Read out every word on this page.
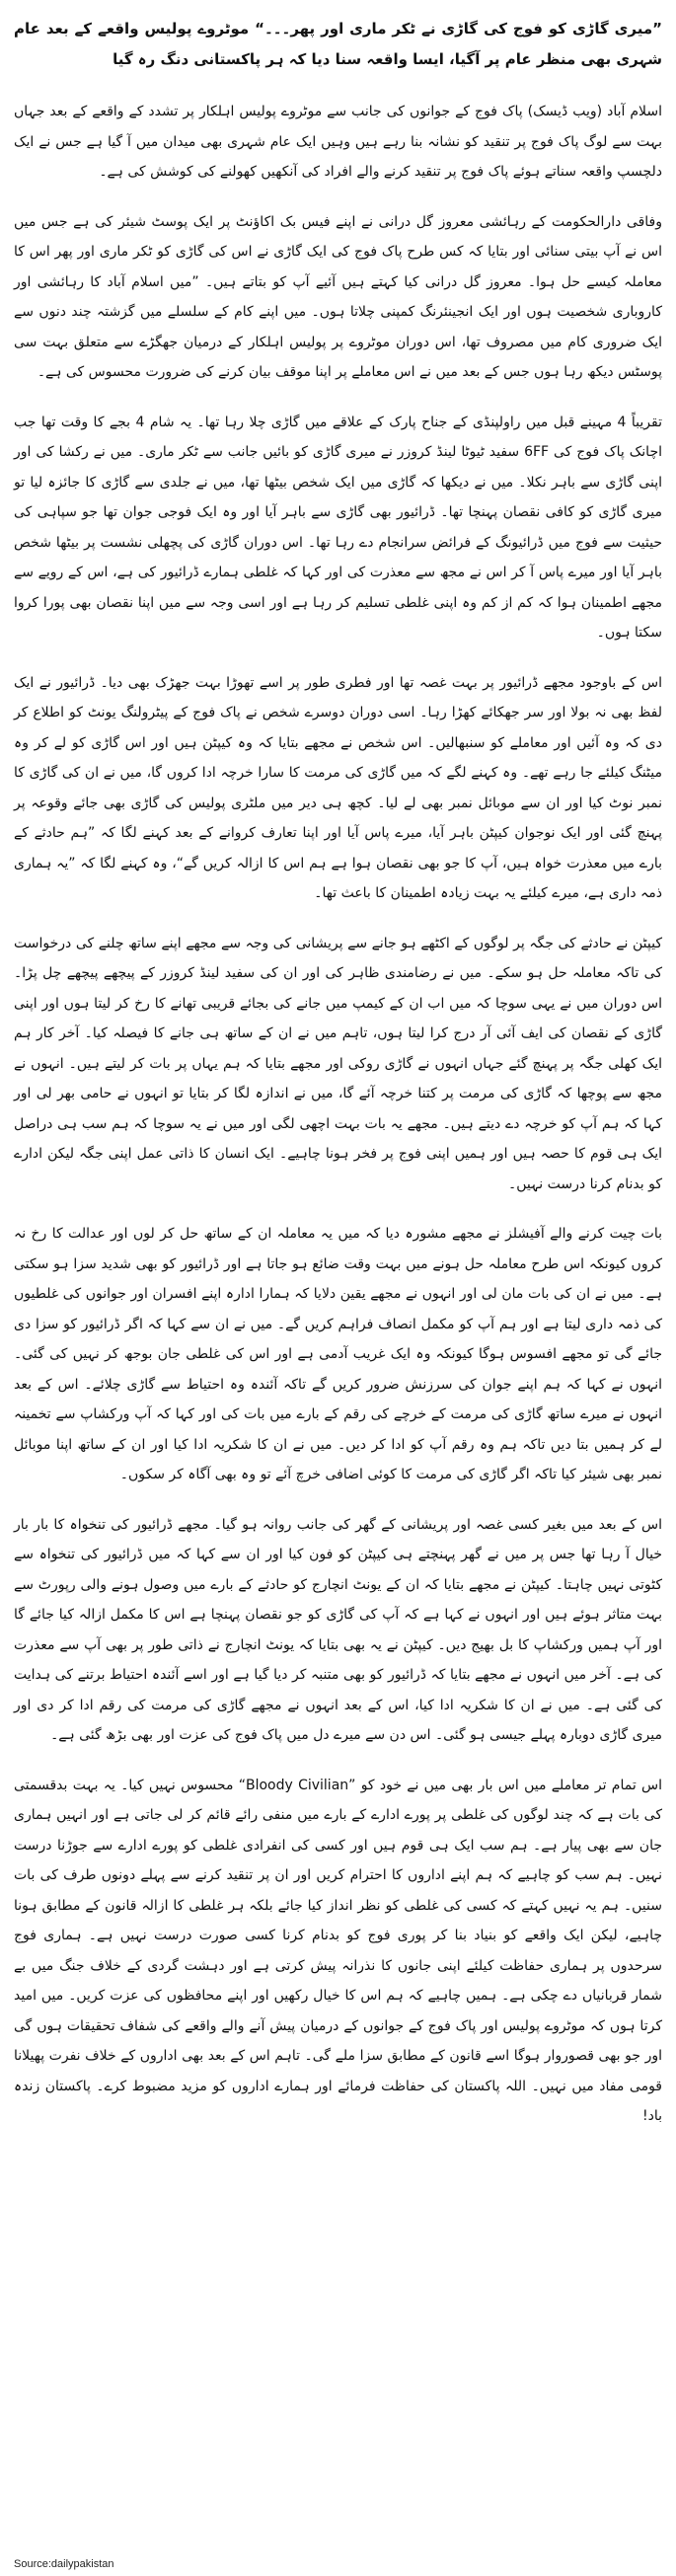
”میری گاڑی کو فوج کی گاڑی نے ٹکر ماری اور پھر۔۔۔“ موٹروے پولیس واقعے کے بعد عام شہری بھی منظر عام پر آگیا، ایسا واقعہ سنا دیا کہ ہر پاکستانی دنگ رہ گیا

اسلام آباد (ویب ڈیسک) پاک فوج کے جوانوں کی جانب سے موٹروے پولیس اہلکار پر تشدد کے واقعے کے بعد جہاں بہت سے لوگ پاک فوج پر تنقید کو نشانہ بنا رہے ہیں وہیں ایک عام شہری بھی میدان میں آ گیا ہے جس نے ایک دلچسپ واقعہ سناتے ہوئے پاک فوج پر تنقید کرنے والے افراد کی آنکھیں کھولنے کی کوشش کی ہے۔

وفاقی دارالحکومت کے رہائشی معروز گل درانی نے اپنے فیس بک اکاؤنٹ پر ایک پوسٹ شیئر کی ہے جس میں اس نے آپ بیتی سنائی اور بتایا کہ کس طرح پاک فوج کی ایک گاڑی نے اس کی گاڑی کو ٹکر ماری اور پھر اس کا معاملہ کیسے حل ہوا۔ معروز گل درانی کیا کہتے ہیں آئیے آپ کو بتاتے ہیں۔ ”میں اسلام آباد کا رہائشی اور کاروباری شخصیت ہوں اور ایک انجینئرنگ کمپنی چلاتا ہوں۔ میں اپنے کام کے سلسلے میں گزشتہ چند دنوں سے ایک ضروری کام میں مصروف تھا، اس دوران موٹروے پر پولیس اہلکار کے درمیان جھگڑے سے متعلق بہت سی پوسٹس دیکھ رہا ہوں جس کے بعد میں نے اس معاملے پر اپنا موقف بیان کرنے کی ضرورت محسوس کی ہے۔

تقریباً 4 مہینے قبل میں راولپنڈی کے جناح پارک کے علاقے میں گاڑی چلا رہا تھا۔ یہ شام 4 بجے کا وقت تھا جب اچانک پاک فوج کی 6FF سفید ٹیوٹا لینڈ کروزر نے میری گاڑی کو بائیں جانب سے ٹکر ماری۔ میں نے رکشا کی اور اپنی گاڑی سے باہر نکلا۔ میں نے دیکھا کہ گاڑی میں ایک شخص بیٹھا تھا، میں نے جلدی سے گاڑی کا جائزہ لیا تو میری گاڑی کو کافی نقصان پہنچا تھا۔ ڈرائیور بھی گاڑی سے باہر آیا اور وہ ایک فوجی جوان تھا جو سپاہی کی حیثیت سے فوج میں ڈرائیونگ کے فرائض سرانجام دے رہا تھا۔ اس دوران گاڑی کی پچھلی نشست پر بیٹھا شخص باہر آیا اور میرے پاس آ کر اس نے مجھ سے معذرت کی اور کہا کہ غلطی ہمارے ڈرائیور کی ہے، اس کے رویے سے مجھے اطمینان ہوا کہ کم از کم وہ اپنی غلطی تسلیم کر رہا ہے اور اسی وجہ سے میں اپنا نقصان بھی پورا کروا سکتا ہوں۔

اس کے باوجود مجھے ڈرائیور پر بہت غصہ تھا اور فطری طور پر اسے تھوڑا بہت جھڑک بھی دیا۔ ڈرائیور نے ایک لفظ بھی نہ بولا اور سر جھکائے کھڑا رہا۔ اسی دوران دوسرے شخص نے پاک فوج کے پیٹرولنگ یونٹ کو اطلاع کر دی کہ وہ آئیں اور معاملے کو سنبھالیں۔ اس شخص نے مجھے بتایا کہ وہ کیپٹن ہیں اور اس گاڑی کو لے کر وہ میٹنگ کیلئے جا رہے تھے۔ وہ کہنے لگے کہ میں گاڑی کی مرمت کا سارا خرچہ ادا کروں گا، میں نے ان کی گاڑی کا نمبر نوٹ کیا اور ان سے موبائل نمبر بھی لے لیا۔ کچھ ہی دیر میں ملٹری پولیس کی گاڑی بھی جائے وقوعہ پر پہنچ گئی اور ایک نوجوان کیپٹن باہر آیا، میرے پاس آیا اور اپنا تعارف کروانے کے بعد کہنے لگا کہ ”ہم حادثے کے بارے میں معذرت خواہ ہیں، آپ کا جو بھی نقصان ہوا ہے ہم اس کا ازالہ کریں گے“، وہ کہنے لگا کہ ”یہ ہماری ذمہ داری ہے، میرے کیلئے یہ بہت زیادہ اطمینان کا باعث تھا۔

کیپٹن نے حادثے کی جگہ پر لوگوں کے اکٹھے ہو جانے سے پریشانی کی وجہ سے مجھے اپنے ساتھ چلنے کی درخواست کی تاکہ معاملہ حل ہو سکے۔ میں نے رضامندی ظاہر کی اور ان کی سفید لینڈ کروزر کے پیچھے پیچھے چل پڑا۔ اس دوران میں نے یہی سوچا کہ میں اب ان کے کیمپ میں جانے کی بجائے قریبی تھانے کا رخ کر لیتا ہوں اور اپنی گاڑی کے نقصان کی ایف آئی آر درج کرا لیتا ہوں، تاہم میں نے ان کے ساتھ ہی جانے کا فیصلہ کیا۔ آخر کار ہم ایک کھلی جگہ پر پہنچ گئے جہاں انہوں نے گاڑی روکی اور مجھے بتایا کہ ہم یہاں پر بات کر لیتے ہیں۔ انہوں نے مجھ سے پوچھا کہ گاڑی کی مرمت پر کتنا خرچہ آئے گا، میں نے اندازہ لگا کر بتایا تو انہوں نے حامی بھر لی اور کہا کہ ہم آپ کو خرچہ دے دیتے ہیں۔ مجھے یہ بات بہت اچھی لگی اور میں نے یہ سوچا کہ ہم سب ہی دراصل ایک ہی قوم کا حصہ ہیں اور ہمیں اپنی فوج پر فخر ہونا چاہیے۔ ایک انسان کا ذاتی عمل اپنی جگہ لیکن ادارے کو بدنام کرنا درست نہیں۔

بات چیت کرنے والے آفیشلز نے مجھے مشورہ دیا کہ میں یہ معاملہ ان کے ساتھ حل کر لوں اور عدالت کا رخ نہ کروں کیونکہ اس طرح معاملہ حل ہونے میں بہت وقت ضائع ہو جاتا ہے اور ڈرائیور کو بھی شدید سزا ہو سکتی ہے۔ میں نے ان کی بات مان لی اور انہوں نے مجھے یقین دلایا کہ ہمارا ادارہ اپنے افسران اور جوانوں کی غلطیوں کی ذمہ داری لیتا ہے اور ہم آپ کو مکمل انصاف فراہم کریں گے۔ میں نے ان سے کہا کہ اگر ڈرائیور کو سزا دی جائے گی تو مجھے افسوس ہوگا کیونکہ وہ ایک غریب آدمی ہے اور اس کی غلطی جان بوجھ کر نہیں کی گئی۔ انہوں نے کہا کہ ہم اپنے جوان کی سرزنش ضرور کریں گے تاکہ آئندہ وہ احتیاط سے گاڑی چلائے۔ اس کے بعد انہوں نے میرے ساتھ گاڑی کی مرمت کے خرچے کی رقم کے بارے میں بات کی اور کہا کہ آپ ورکشاپ سے تخمینہ لے کر ہمیں بتا دیں تاکہ ہم وہ رقم آپ کو ادا کر دیں۔ میں نے ان کا شکریہ ادا کیا اور ان کے ساتھ اپنا موبائل نمبر بھی شیئر کیا تاکہ اگر گاڑی کی مرمت کا کوئی اضافی خرچ آئے تو وہ بھی آگاہ کر سکوں۔

اس کے بعد میں بغیر کسی غصہ اور پریشانی کے گھر کی جانب روانہ ہو گیا۔ مجھے ڈرائیور کی تنخواہ کا بار بار خیال آ رہا تھا جس پر میں نے گھر پہنچتے ہی کیپٹن کو فون کیا اور ان سے کہا کہ میں ڈرائیور کی تنخواہ سے کٹوتی نہیں چاہتا۔ کیپٹن نے مجھے بتایا کہ ان کے یونٹ انچارج کو حادثے کے بارے میں وصول ہونے والی رپورٹ سے بہت متاثر ہوئے ہیں اور انہوں نے کہا ہے کہ آپ کی گاڑی کو جو نقصان پہنچا ہے اس کا مکمل ازالہ کیا جائے گا اور آپ ہمیں ورکشاپ کا بل بھیج دیں۔ کیپٹن نے یہ بھی بتایا کہ یونٹ انچارج نے ذاتی طور پر بھی آپ سے معذرت کی ہے۔ آخر میں انہوں نے مجھے بتایا کہ ڈرائیور کو بھی متنبہ کر دیا گیا ہے اور اسے آئندہ احتیاط برتنے کی ہدایت کی گئی ہے۔ میں نے ان کا شکریہ ادا کیا، اس کے بعد انہوں نے مجھے گاڑی کی مرمت کی رقم ادا کر دی اور میری گاڑی دوبارہ پہلے جیسی ہو گئی۔ اس دن سے میرے دل میں پاک فوج کی عزت اور بھی بڑھ گئی ہے۔

اس تمام تر معاملے میں اس بار بھی میں نے خود کو ”Bloody Civilian“ محسوس نہیں کیا۔ یہ بہت بدقسمتی کی بات ہے کہ چند لوگوں کی غلطی پر پورے ادارے کے بارے میں منفی رائے قائم کر لی جاتی ہے اور انہیں ہماری جان سے بھی پیار ہے۔ ہم سب ایک ہی قوم ہیں اور کسی کی انفرادی غلطی کو پورے ادارے سے جوڑنا درست نہیں۔ ہم سب کو چاہیے کہ ہم اپنے اداروں کا احترام کریں اور ان پر تنقید کرنے سے پہلے دونوں طرف کی بات سنیں۔ ہم یہ نہیں کہتے کہ کسی کی غلطی کو نظر انداز کیا جائے بلکہ ہر غلطی کا ازالہ قانون کے مطابق ہونا چاہیے، لیکن ایک واقعے کو بنیاد بنا کر پوری فوج کو بدنام کرنا کسی صورت درست نہیں ہے۔ ہماری فوج سرحدوں پر ہماری حفاظت کیلئے اپنی جانوں کا نذرانہ پیش کرتی ہے اور دہشت گردی کے خلاف جنگ میں بے شمار قربانیاں دے چکی ہے۔ ہمیں چاہیے کہ ہم اس کا خیال رکھیں اور اپنے محافظوں کی عزت کریں۔ میں امید کرتا ہوں کہ موٹروے پولیس اور پاک فوج کے جوانوں کے درمیان پیش آنے والے واقعے کی شفاف تحقیقات ہوں گی اور جو بھی قصوروار ہوگا اسے قانون کے مطابق سزا ملے گی۔ تاہم اس کے بعد بھی اداروں کے خلاف نفرت پھیلانا قومی مفاد میں نہیں۔ اللہ پاکستان کی حفاظت فرمائے اور ہمارے اداروں کو مزید مضبوط کرے۔ پاکستان زندہ باد!

Source:dailypakistan
